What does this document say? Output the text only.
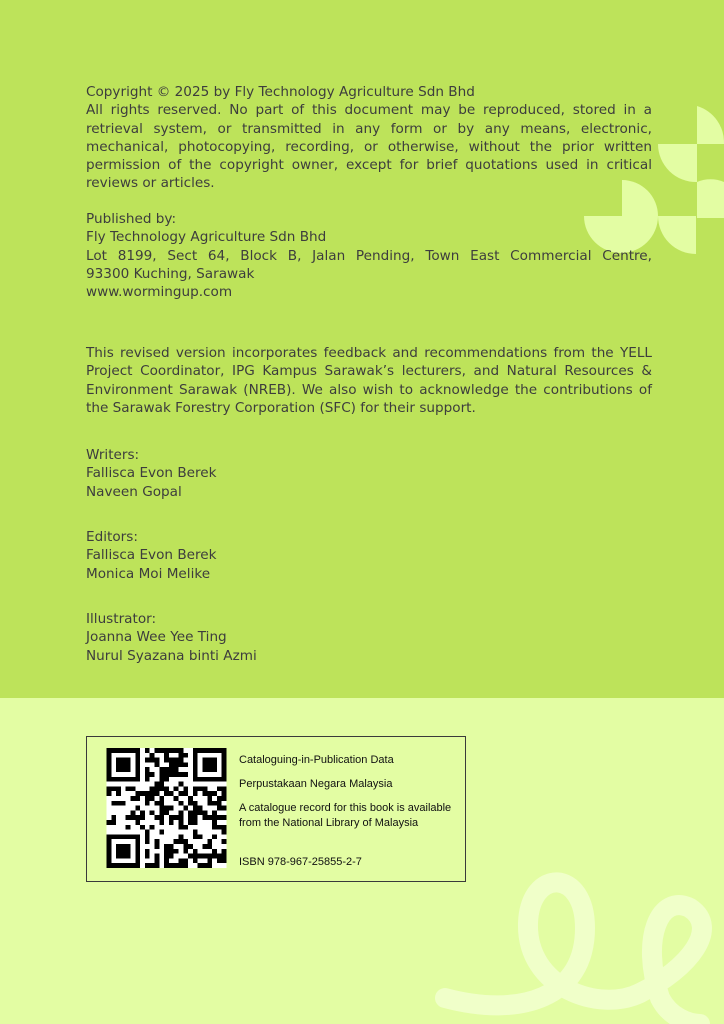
Copyright © 2025 by Fly Technology Agriculture Sdn Bhd

All rights reserved. No part of this document may be reproduced, stored in a retrieval system, or transmitted in any form or by any means, electronic, mechanical, photocopying, recording, or otherwise, without the prior written permission of the copyright owner, except for brief quotations used in critical reviews or articles.

Published by:

Fly Technology Agriculture Sdn Bhd

Lot 8199, Sect 64, Block B, Jalan Pending, Town East Commercial Centre,

93300 Kuching, Sarawak

www.wormingup.com

This revised version incorporates feedback and recommendations from the YELL Project Coordinator, IPG Kampus Sarawak’s lecturers, and Natural Resources & Environment Sarawak (NREB). We also wish to acknowledge the contributions of the Sarawak Forestry Corporation (SFC) for their support.

Writers:

Fallisca Evon Berek

Naveen Gopal

Editors:

Fallisca Evon Berek

Monica Moi Melike

Illustrator:

Joanna Wee Yee Ting

Nurul Syazana binti Azmi

Cataloguing-in-Publication Data
Perpustakaan Negara Malaysia
A catalogue record for this book is available
from the National Library of Malaysia
ISBN 978-967-25855-2-7
